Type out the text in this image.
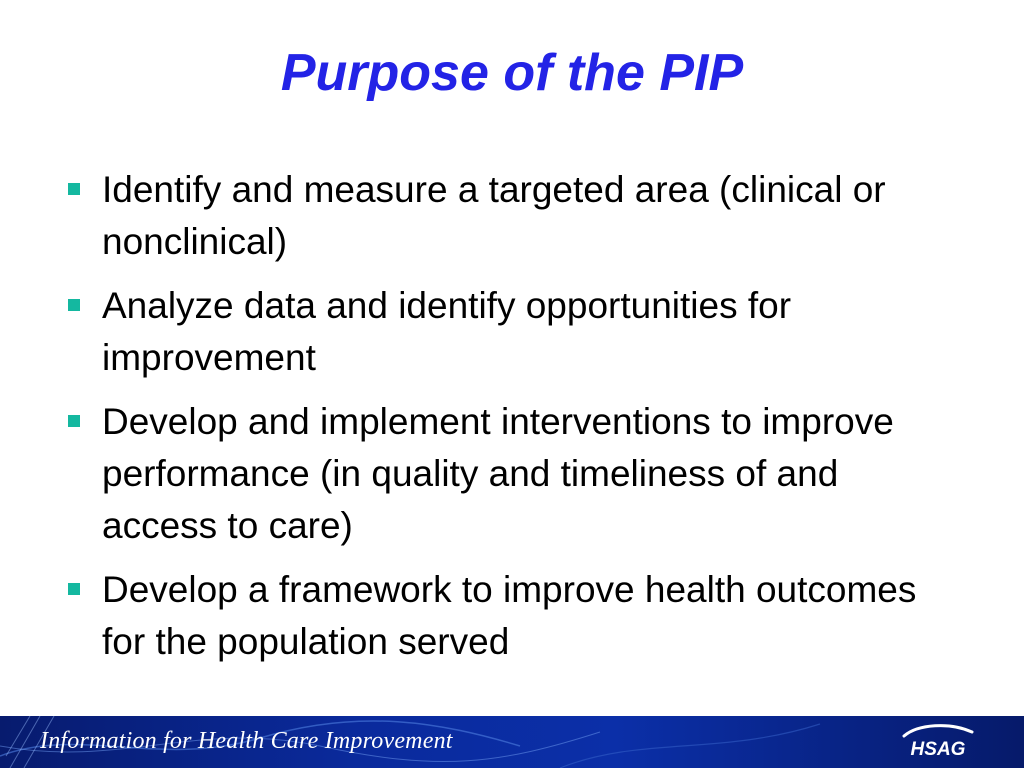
Purpose of the PIP
Identify and measure a targeted area (clinical or nonclinical)
Analyze data and identify opportunities for improvement
Develop and implement interventions to improve performance (in quality and timeliness of and access to care)
Develop a framework to improve health outcomes for the population served
Information for Health Care Improvement	HSAG
